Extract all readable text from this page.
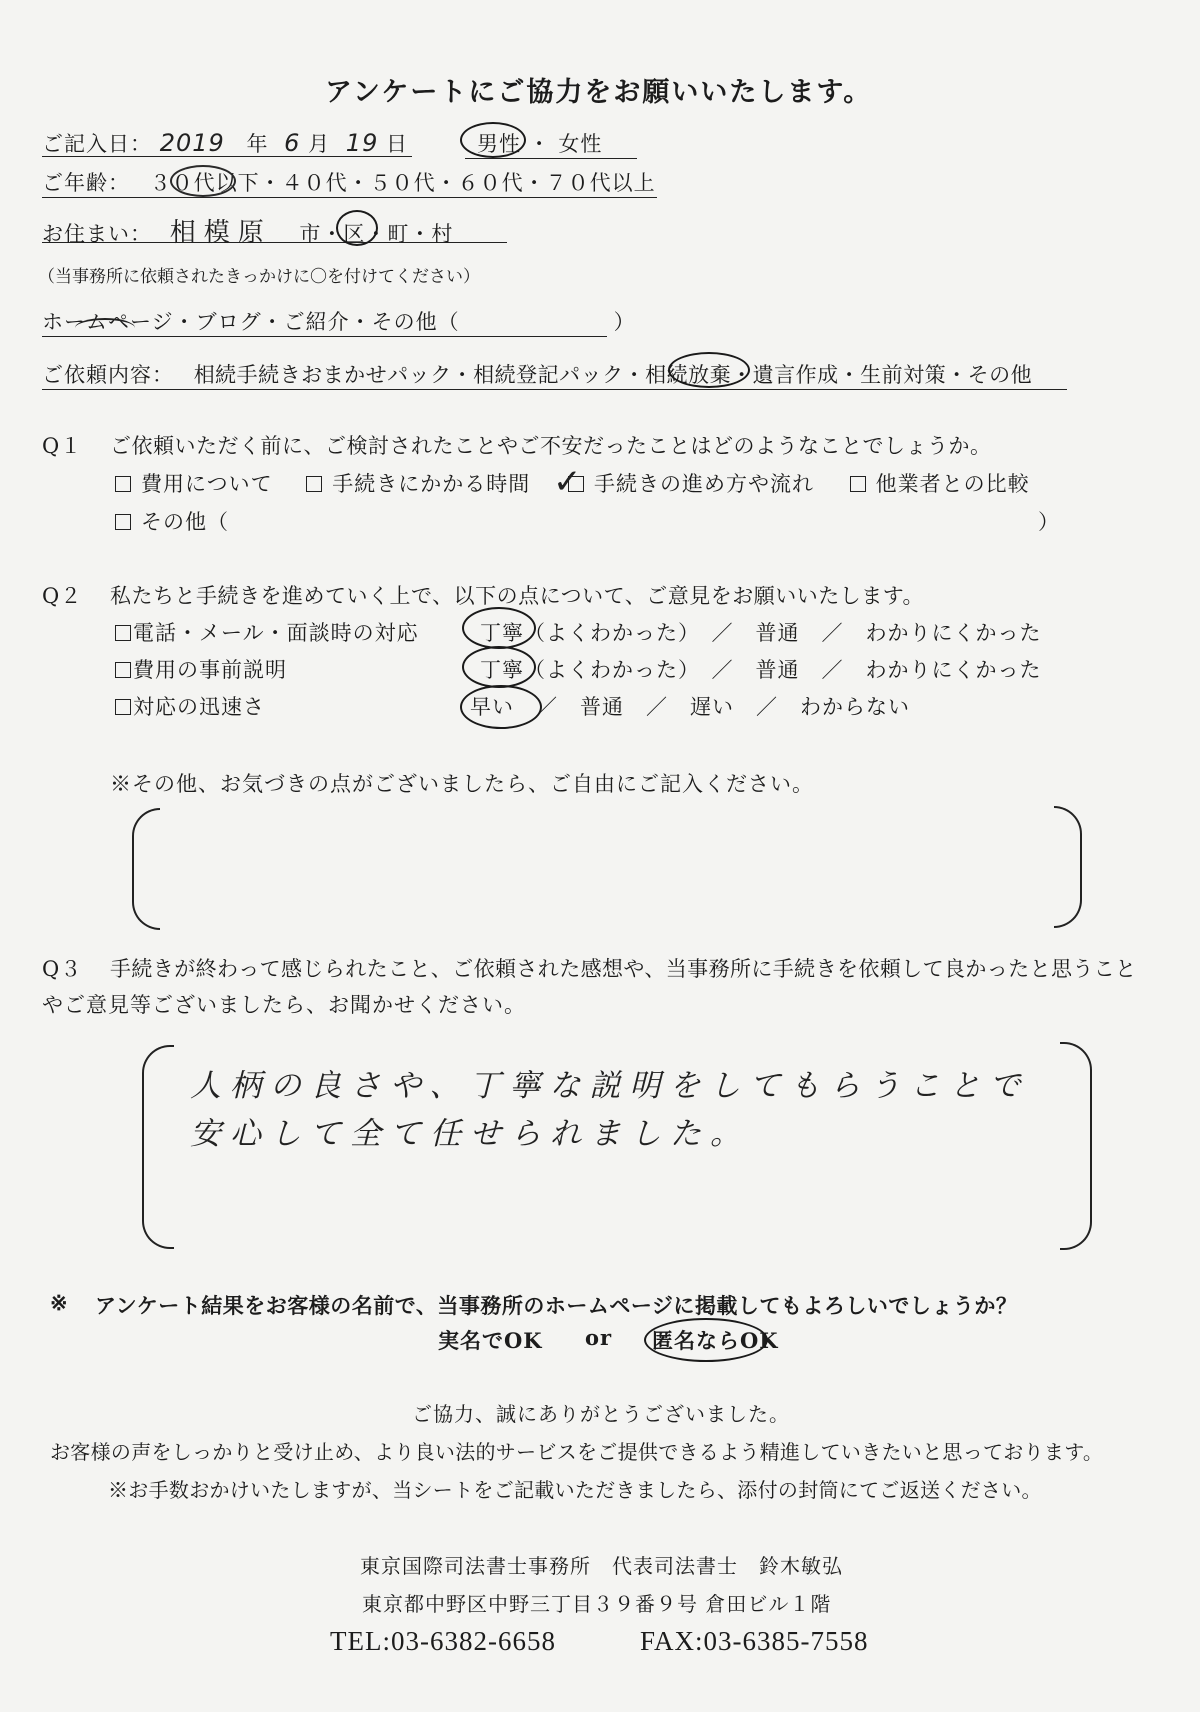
アンケートにご協力をお願いいたします。
ご記入日： 2019 年 6 月 19 日	男性 ・ 女性
ご年齢： ３０代以下・４０代・５０代・６０代・７０代以上
お住まい： 相模原 市・区・町・村
（当事務所に依頼されたきっかけに〇を付けてください）
ホームページ・ブログ・ご紹介・その他（　　　　　　　）
ご依頼内容： 相続手続きおまかせパック・相続登記パック・相続放棄・遺言作成・生前対策・その他
Q１ ご依頼いただく前に、ご検討されたことやご不安だったことはどのようなことでしょうか。
費用について	手続きにかかる時間	手続きの進め方や流れ	他業者との比較
✓
その他（	）
Q２ 私たちと手続きを進めていく上で、以下の点について、ご意見をお願いいたします。
電話・メール・面談時の対応	丁寧（よくわかった）　／　普通　／　わかりにくかった
費用の事前説明	丁寧（よくわかった）　／　普通　／　わかりにくかった
対応の迅速さ	早い　／　普通　／　遅い　／　わからない
※その他、お気づきの点がございましたら、ご自由にご記入ください。
Q３ 手続きが終わって感じられたこと、ご依頼された感想や、当事務所に手続きを依頼して良かったと思うこと
やご意見等ございましたら、お聞かせください。
人柄の良さや、丁寧な説明をしてもらうことで
安心して全て任せられました。
※ アンケート結果をお客様の名前で、当事務所のホームページに掲載してもよろしいでしょうか？
実名でOK or 匿名ならOK
ご協力、誠にありがとうございました。
お客様の声をしっかりと受け止め、より良い法的サービスをご提供できるよう精進していきたいと思っております。
※お手数おかけいたしますが、当シートをご記載いただきましたら、添付の封筒にてご返送ください。
東京国際司法書士事務所　代表司法書士　鈴木敏弘
東京都中野区中野三丁目３９番９号 倉田ビル１階
TEL:03-6382-6658	FAX:03-6385-7558
